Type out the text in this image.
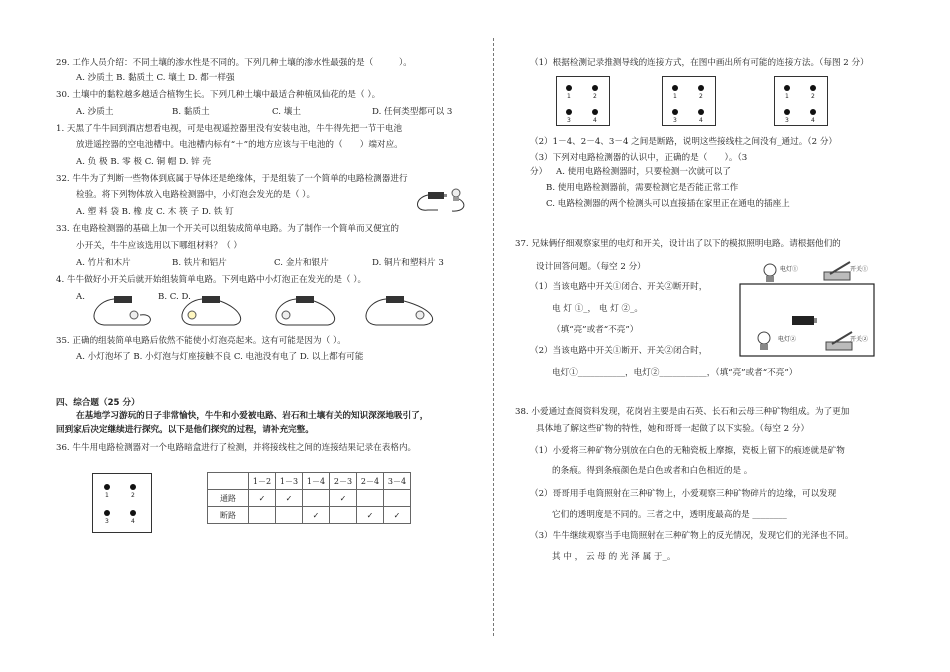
29. 工作人员介绍：不同土壤的渗水性是不同的。下列几种土壤的渗水性最强的是（　　　）。
A. 沙质土 B. 黏质土 C. 壤土 D. 都一样强
30. 土壤中的黏粒越多越适合植物生长。下列几种土壤中最适合种植凤仙花的是（ ）。
A. 沙质土	B. 黏质土	C. 壤土	D. 任何类型都可以 3
1. 天黑了牛牛回到酒店想看电视，可是电视遥控器里没有安装电池，牛牛得先把一节干电池
放进遥控器的空电池槽中。电池槽内标有“＋”的地方应该与干电池的（　　）端对应。
A. 负 极 B. 零 极 C. 铜 帽 D. 锌 壳
32. 牛牛为了判断一些物体到底属于导体还是绝缘体，于是组装了一个简单的电路检测器进行
检验。将下列物体放入电路检测器中，小灯泡会发光的是（ ）。
A. 塑 料 袋 B. 橡 皮 C. 木 筷 子 D. 铁 钉
33. 在电路检测器的基础上加一个开关可以组装成简单电路。为了制作一个简单而又便宜的
小开关，牛牛应该选用以下哪组材料？（ ）
A. 竹片和木片	B. 铁片和铝片	C. 金片和银片	D. 铜片和塑料片 3
4. 牛牛做好小开关后就开始组装简单电路。下列电路中小灯泡正在发光的是（ ）。
A.	B. C. D.
35. 正确的组装简单电路后依然不能使小灯泡亮起来。这有可能是因为（ ）。
A. 小灯泡坏了 B. 小灯泡与灯座接触不良 C. 电池没有电了 D. 以上都有可能
四、综合题（25 分）
在基地学习游玩的日子非常愉快，牛牛和小爱被电路、岩石和土壤有关的知识深深地吸引了，
回到家后决定继续进行探究。以下是他们探究的过程，请补充完整。
36. 牛牛用电路检测器对一个电路暗盒进行了检测，并将接线柱之间的连接结果记录在表格内。
1	2
3	4
	1－2	1－3	1－4	2－3	2－4	3－4
通路	✓	✓		✓		
断路			✓		✓	✓
（1）根据检测记录推测导线的连接方式，在图中画出所有可能的连接方法。（每图 2 分）
1	2
3	4
1	2
3	4
1	2
3	4
（2）1－4、2－4、3－4 之间是断路，说明这些接线柱之间没有_通过。（2 分）
（3）下列对电路检测器的认识中，正确的是（　　）。（3
分） A. 使用电路检测器时，只要检测一次就可以了
B. 使用电路检测器前，需要检测它是否能正常工作
C. 电路检测器的两个检测头可以直接插在家里正在通电的插座上
37. 兄妹俩仔细观察家里的电灯和开关，设计出了以下的模拟照明电路。请根据他们的
设计回答问题。（每空 2 分）
（1）当该电路中开关①闭合、开关②断开时，
电 灯 ①_， 电 灯 ②_。
（填“亮”或者“不亮”）
（2）当该电路中开关①断开、开关②闭合时，
电灯①___________，电灯②___________，（填“亮”或者“不亮”）
电灯①	开关①
电灯②	开关②
38. 小爱通过查阅资料发现，花岗岩主要是由石英、长石和云母三种矿物组成。为了更加
具体地了解这些矿物的特性，她和哥哥一起做了以下实验。（每空 2 分）
（1）小爱将三种矿物分别放在白色的无釉瓷板上摩擦，瓷板上留下的痕迹就是矿物
的条痕。得到条痕颜色是白色或者和白色相近的是 。
（2）哥哥用手电筒照射在三种矿物上，小爱观察三种矿物碎片的边缘，可以发现
它们的透明度是不同的。三者之中，透明度最高的是 ________
（3）牛牛继续观察当手电筒照射在三种矿物上的反光情况，发现它们的光泽也不同。
其 中 ， 云 母 的 光 泽 属 于_。
